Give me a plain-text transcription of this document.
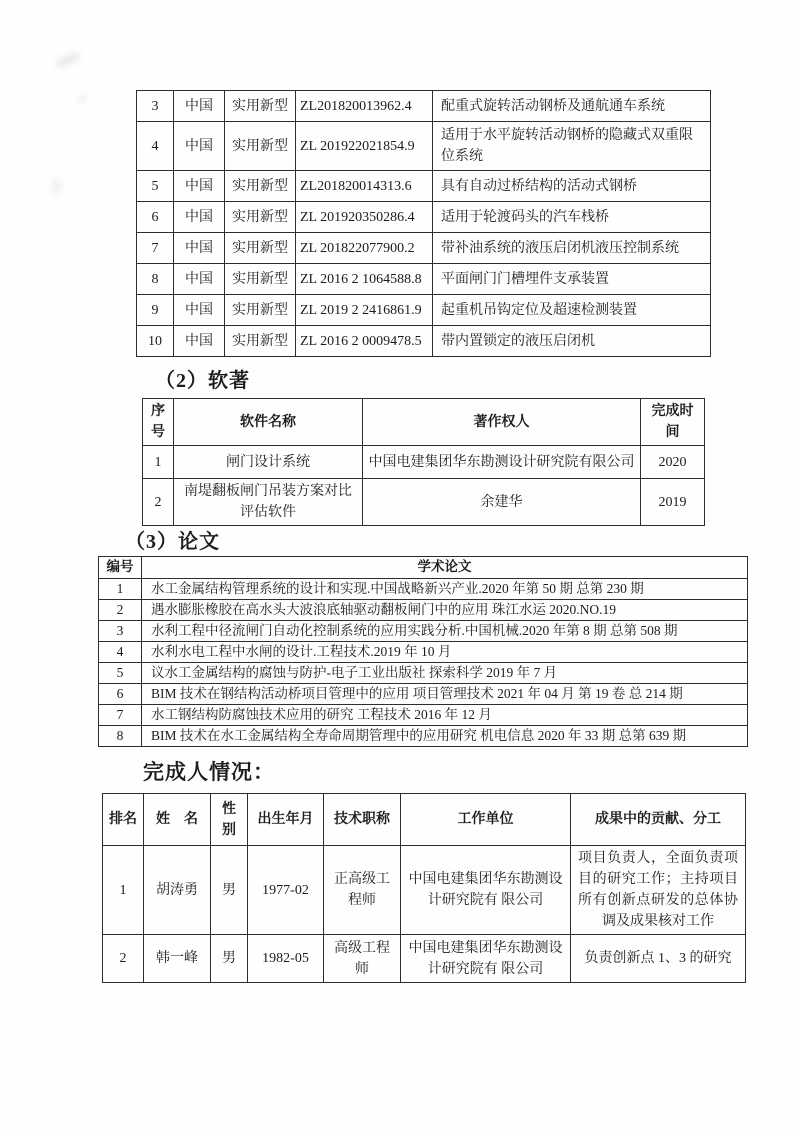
3	中国	实用新型	ZL201820013962.4	配重式旋转活动钢桥及通航通车系统
4	中国	实用新型	ZL 201922021854.9	适用于水平旋转活动钢桥的隐藏式双重限位系统
5	中国	实用新型	ZL201820014313.6	具有自动过桥结构的活动式钢桥
6	中国	实用新型	ZL 201920350286.4	适用于轮渡码头的汽车栈桥
7	中国	实用新型	ZL 201822077900.2	带补油系统的液压启闭机液压控制系统
8	中国	实用新型	ZL 2016 2 1064588.8	平面闸门门槽埋件支承装置
9	中国	实用新型	ZL 2019 2 2416861.9	起重机吊钩定位及超速检测装置
10	中国	实用新型	ZL 2016 2 0009478.5	带内置锁定的液压启闭机
（2）软著
序号	软件名称	著作权人	完成时间
1	闸门设计系统	中国电建集团华东勘测设计研究院有限公司	2020
2	南堤翻板闸门吊装方案对比评估软件	余建华	2019
（3）论文
编号	学术论文
1	水工金属结构管理系统的设计和实现.中国战略新兴产业.2020 年第 50 期 总第 230 期
2	遇水膨胀橡胶在高水头大波浪底轴驱动翻板闸门中的应用 珠江水运 2020.NO.19
3	水利工程中径流闸门自动化控制系统的应用实践分析.中国机械.2020 年第 8 期 总第 508 期
4	水利水电工程中水闸的设计.工程技术.2019 年 10 月
5	议水工金属结构的腐蚀与防护-电子工业出版社 探索科学 2019 年 7 月
6	BIM 技术在钢结构活动桥项目管理中的应用 项目管理技术 2021 年 04 月 第 19 卷 总 214 期
7	水工钢结构防腐蚀技术应用的研究 工程技术 2016 年 12 月
8	BIM 技术在水工金属结构全寿命周期管理中的应用研究 机电信息 2020 年 33 期 总第 639 期
完成人情况：
排名	姓　名	性别	出生年月	技术职称	工作单位	成果中的贡献、分工
1	胡涛勇	男	1977-02	正高级工程师	中国电建集团华东勘测设计研究院有 限公司	项目负责人，全面负责项目的研究工作；主持项目所有创新点研发的总体协调及成果核对工作
2	韩一峰	男	1982-05	高级工程师	中国电建集团华东勘测设计研究院有 限公司	负责创新点 1、3 的研究
